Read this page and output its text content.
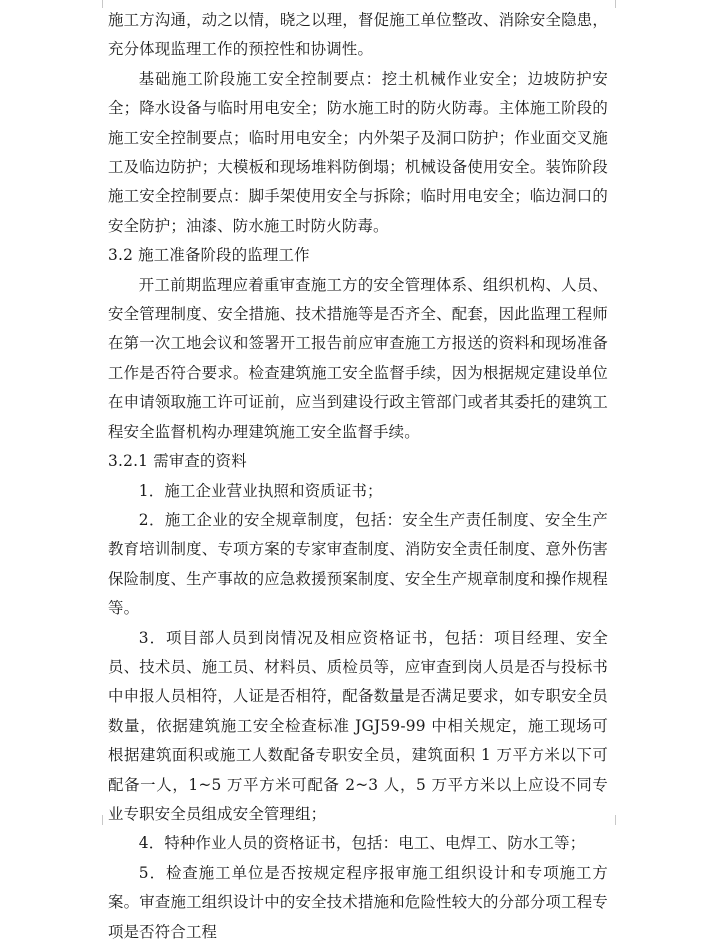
施工方沟通，动之以情，晓之以理，督促施工单位整改、消除安全隐患，充分体现监理工作的预控性和协调性。

基础施工阶段施工安全控制要点：挖土机械作业安全；边坡防护安全；降水设备与临时用电安全；防水施工时的防火防毒。主体施工阶段的施工安全控制要点；临时用电安全；内外架子及洞口防护；作业面交叉施工及临边防护；大模板和现场堆料防倒塌；机械设备使用安全。装饰阶段施工安全控制要点：脚手架使用安全与拆除；临时用电安全；临边洞口的安全防护；油漆、防水施工时防火防毒。

3.2 施工准备阶段的监理工作

开工前期监理应着重审查施工方的安全管理体系、组织机构、人员、安全管理制度、安全措施、技术措施等是否齐全、配套，因此监理工程师在第一次工地会议和签署开工报告前应审查施工方报送的资料和现场准备工作是否符合要求。检查建筑施工安全监督手续，因为根据规定建设单位在申请领取施工许可证前，应当到建设行政主管部门或者其委托的建筑工程安全监督机构办理建筑施工安全监督手续。

3.2.1 需审查的资料

1．施工企业营业执照和资质证书；

2．施工企业的安全规章制度，包括：安全生产责任制度、安全生产教育培训制度、专项方案的专家审查制度、消防安全责任制度、意外伤害保险制度、生产事故的应急救援预案制度、安全生产规章制度和操作规程等。

3．项目部人员到岗情况及相应资格证书，包括：项目经理、安全员、技术员、施工员、材料员、质检员等，应审查到岗人员是否与投标书中申报人员相符，人证是否相符，配备数量是否满足要求，如专职安全员数量，依据建筑施工安全检查标准 JGJ59-99 中相关规定，施工现场可根据建筑面积或施工人数配备专职安全员，建筑面积 1 万平方米以下可配备一人，1~5 万平方米可配备 2~3 人，5 万平方米以上应设不同专业专职安全员组成安全管理组；

4．特种作业人员的资格证书，包括：电工、电焊工、防水工等；

5．检查施工单位是否按规定程序报审施工组织设计和专项施工方案。审查施工组织设计中的安全技术措施和危险性较大的分部分项工程专项是否符合工程
